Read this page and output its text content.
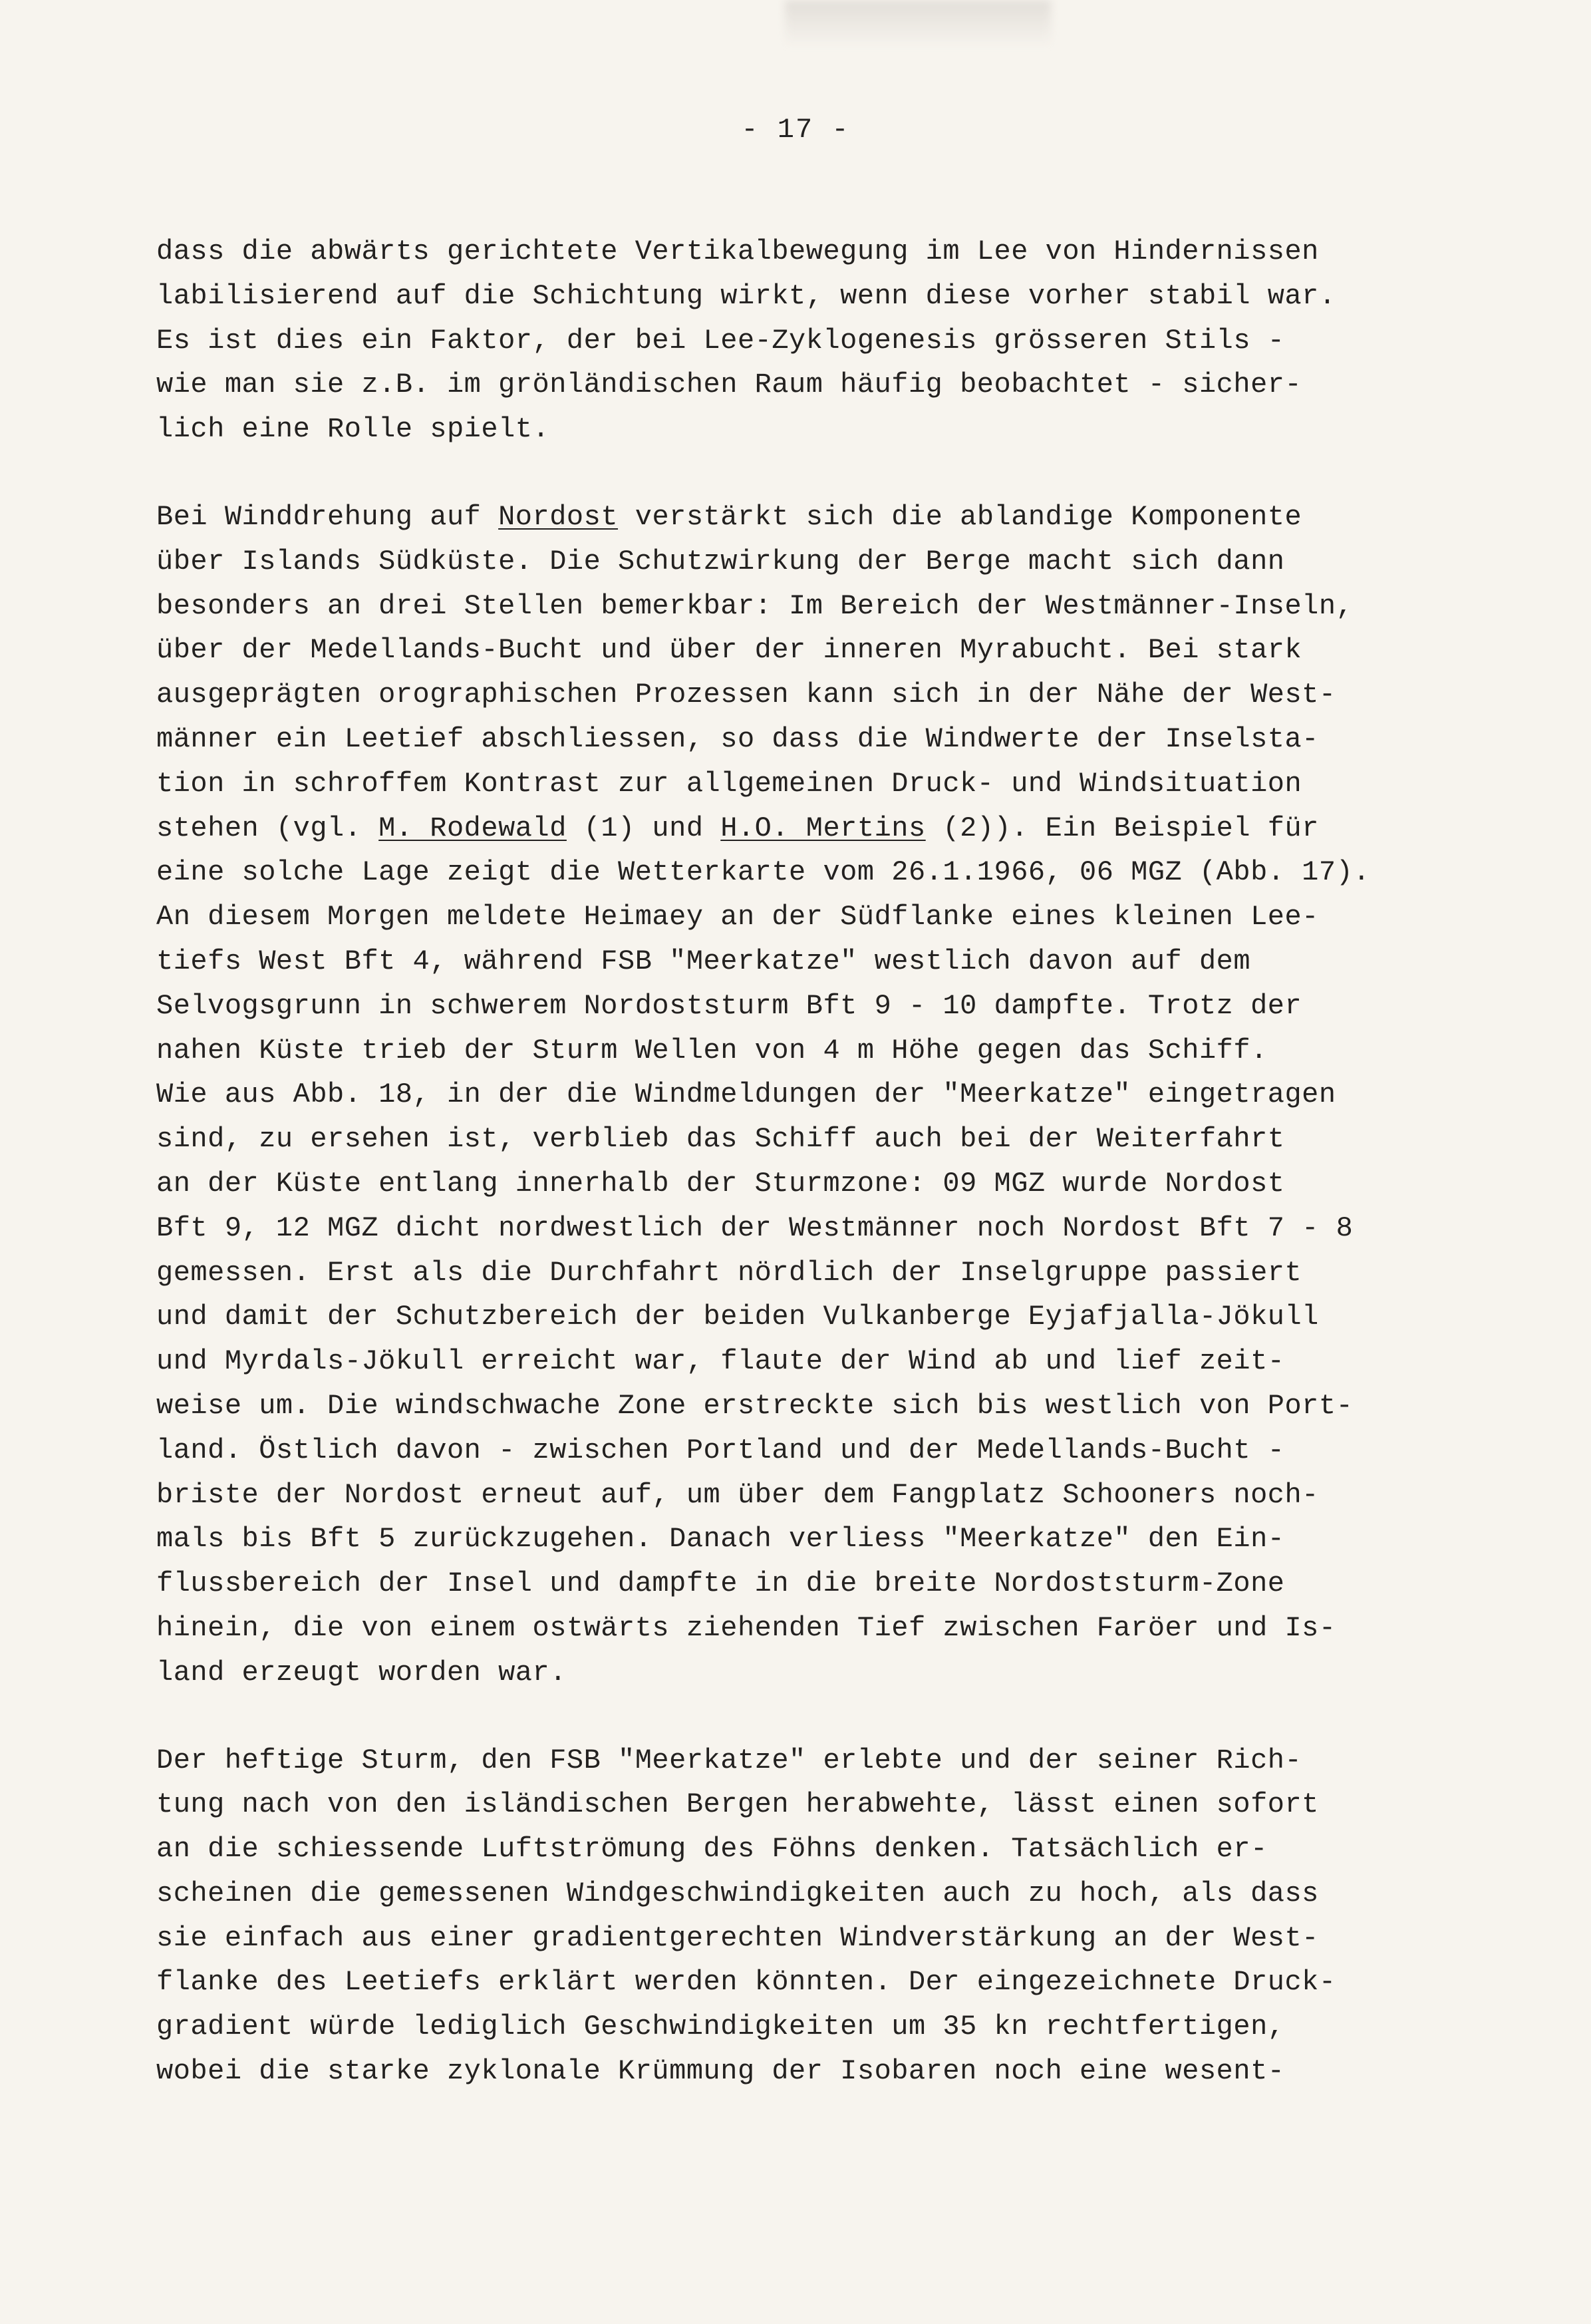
- 17 -
dass die abwärts gerichtete Vertikalbewegung im Lee von Hindernissen
labilisierend auf die Schichtung wirkt, wenn diese vorher stabil war.
Es ist dies ein Faktor, der bei Lee-Zyklogenesis grösseren Stils -
wie man sie z.B. im grönländischen Raum häufig beobachtet - sicher-
lich eine Rolle spielt.
Bei Winddrehung auf Nordost verstärkt sich die ablandige Komponente
über Islands Südküste. Die Schutzwirkung der Berge macht sich dann
besonders an drei Stellen bemerkbar: Im Bereich der Westmänner-Inseln,
über der Medellands-Bucht und über der inneren Myrabucht. Bei stark
ausgeprägten orographischen Prozessen kann sich in der Nähe der West-
männer ein Leetief abschliessen, so dass die Windwerte der Inselsta-
tion in schroffem Kontrast zur allgemeinen Druck- und Windsituation
stehen (vgl. M. Rodewald (1) und H.O. Mertins (2)). Ein Beispiel für
eine solche Lage zeigt die Wetterkarte vom 26.1.1966, 06 MGZ (Abb. 17).
An diesem Morgen meldete Heimaey an der Südflanke eines kleinen Lee-
tiefs West Bft 4, während FSB "Meerkatze" westlich davon auf dem
Selvogsgrunn in schwerem Nordoststurm Bft 9 - 10 dampfte. Trotz der
nahen Küste trieb der Sturm Wellen von 4 m Höhe gegen das Schiff.
Wie aus Abb. 18, in der die Windmeldungen der "Meerkatze" eingetragen
sind, zu ersehen ist, verblieb das Schiff auch bei der Weiterfahrt
an der Küste entlang innerhalb der Sturmzone: 09 MGZ wurde Nordost
Bft 9, 12 MGZ dicht nordwestlich der Westmänner noch Nordost Bft 7 - 8
gemessen. Erst als die Durchfahrt nördlich der Inselgruppe passiert
und damit der Schutzbereich der beiden Vulkanberge Eyjafjalla-Jökull
und Myrdals-Jökull erreicht war, flaute der Wind ab und lief zeit-
weise um. Die windschwache Zone erstreckte sich bis westlich von Port-
land. Östlich davon - zwischen Portland und der Medellands-Bucht -
briste der Nordost erneut auf, um über dem Fangplatz Schooners noch-
mals bis Bft 5 zurückzugehen. Danach verliess "Meerkatze" den Ein-
flussbereich der Insel und dampfte in die breite Nordoststurm-Zone
hinein, die von einem ostwärts ziehenden Tief zwischen Faröer und Is-
land erzeugt worden war.
Der heftige Sturm, den FSB "Meerkatze" erlebte und der seiner Rich-
tung nach von den isländischen Bergen herabwehte, lässt einen sofort
an die schiessende Luftströmung des Föhns denken. Tatsächlich er-
scheinen die gemessenen Windgeschwindigkeiten auch zu hoch, als dass
sie einfach aus einer gradientgerechten Windverstärkung an der West-
flanke des Leetiefs erklärt werden könnten. Der eingezeichnete Druck-
gradient würde lediglich Geschwindigkeiten um 35 kn rechtfertigen,
wobei die starke zyklonale Krümmung der Isobaren noch eine wesent-
